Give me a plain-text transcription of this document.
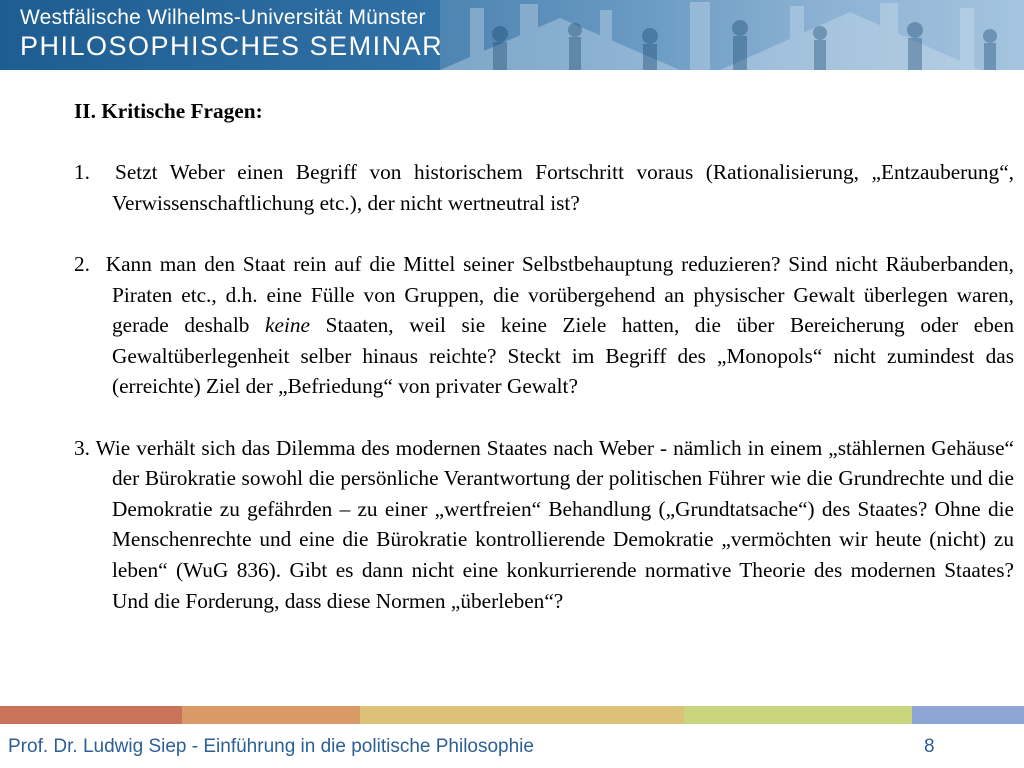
Westfälische Wilhelms-Universität Münster
PHILOSOPHISCHES SEMINAR

II. Kritische Fragen:

1. Setzt Weber einen Begriff von historischem Fortschritt voraus (Rationalisierung, „Entzauberung“, Verwissenschaftlichung etc.), der nicht wertneutral ist?

2. Kann man den Staat rein auf die Mittel seiner Selbstbehauptung reduzieren? Sind nicht Räuberbanden, Piraten etc., d.h. eine Fülle von Gruppen, die vorübergehend an physischer Gewalt überlegen waren, gerade deshalb keine Staaten, weil sie keine Ziele hatten, die über Bereicherung oder eben Gewaltüberlegenheit selber hinaus reichte? Steckt im Begriff des „Monopols“ nicht zumindest das (erreichte) Ziel der „Befriedung“ von privater Gewalt?

3. Wie verhält sich das Dilemma des modernen Staates nach Weber - nämlich in einem „stählernen Gehäuse“ der Bürokratie sowohl die persönliche Verantwortung der politischen Führer wie die Grundrechte und die Demokratie zu gefährden – zu einer „wertfreien“ Behandlung („Grundtatsache“) des Staates? Ohne die Menschenrechte und eine die Bürokratie kontrollierende Demokratie „vermöchten wir heute (nicht) zu leben“ (WuG 836). Gibt es dann nicht eine konkurrierende normative Theorie des modernen Staates? Und die Forderung, dass diese Normen „überleben“?

Prof. Dr. Ludwig Siep - Einführung in die politische Philosophie	8
